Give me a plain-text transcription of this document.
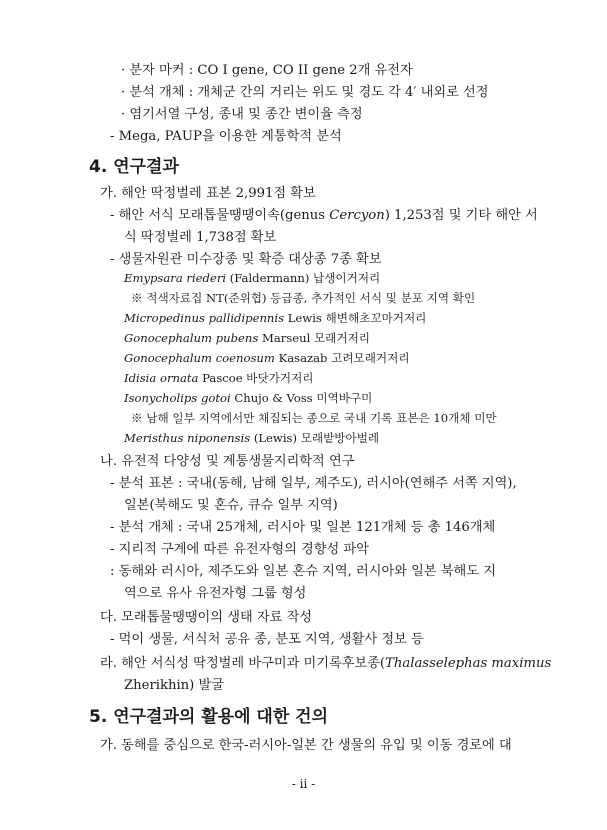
· 분자 마커 : CO I gene, CO II gene 2개 유전자
· 분석 개체 : 개체군 간의 거리는 위도 및 경도 각 4′ 내외로 선정
· 염기서열 구성, 종내 및 종간 변이율 측정
- Mega, PAUP을 이용한 계통학적 분석
4. 연구결과
가. 해안 딱정벌레 표본 2,991점 확보
- 해안 서식 모래톱물땡땡이속(genus Cercyon) 1,253점 및 기타 해안 서
식 딱정벌레 1,738점 확보
- 생물자원관 미수장종 및 확증 대상종 7종 확보
Emypsara riederi (Faldermann) 납생이거저리
※ 적색자료집 NT(준위협) 등급종, 추가적인 서식 및 분포 지역 확인
Micropedinus pallidipennis Lewis 해변해초꼬마거저리
Gonocephalum pubens Marseul 모래거저리
Gonocephalum coenosum Kasazab 고려모래거저리
Idisia ornata Pascoe 바닷가거저리
Isonycholips gotoi Chujo & Voss 미역바구미
※ 남해 일부 지역에서만 채집되는 종으로 국내 기록 표본은 10개체 미만
Meristhus niponensis (Lewis) 모래밭방아벌레
나. 유전적 다양성 및 계통생물지리학적 연구
- 분석 표본 : 국내(동해, 남해 일부, 제주도), 러시아(연해주 서쪽 지역),
일본(북해도 및 혼슈, 큐슈 일부 지역)
- 분석 개체 : 국내 25개체, 러시아 및 일본 121개체 등 총 146개체
- 지리적 구계에 따른 유전자형의 경향성 파악
: 동해와 러시아, 제주도와 일본 혼슈 지역, 러시아와 일본 북해도 지
역으로 유사 유전자형 그룹 형성
다. 모래톱물땡땡이의 생태 자료 작성
- 먹이 생물, 서식처 공유 종, 분포 지역, 생활사 정보 등
라. 해안 서식성 딱정벌레 바구미과 미기록후보종(Thalasselephas maximus
Zherikhin) 발굴
5. 연구결과의 활용에 대한 건의
가. 동해를 중심으로 한국-러시아-일본 간 생물의 유입 및 이동 경로에 대
- ii -
